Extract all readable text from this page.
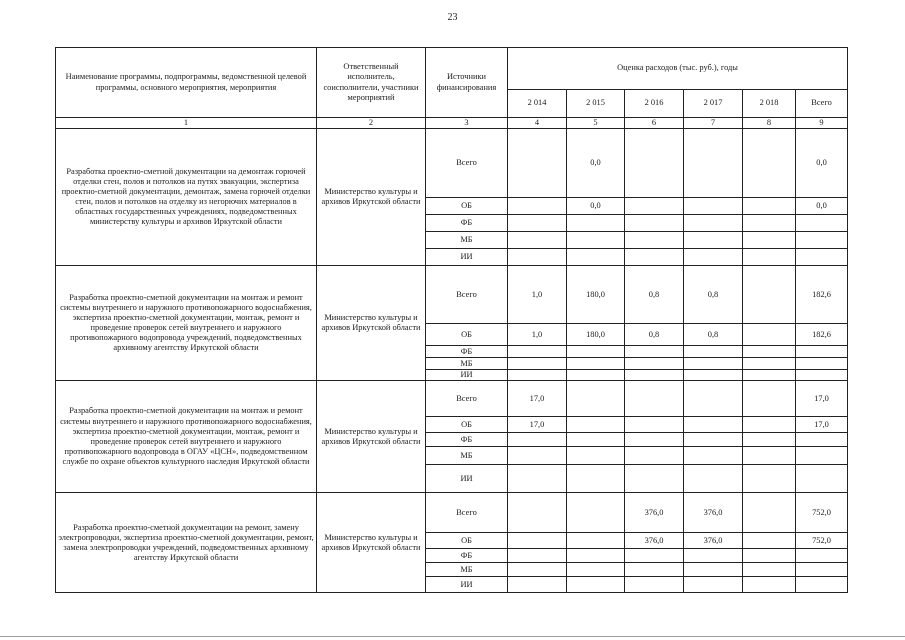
23
Наименование программы, подпрограммы, ведомственной целевой программы, основного мероприятия, мероприятия	Ответственный исполнитель, соисполнители, участники мероприятий	Источники финансирования	Оценка расходов (тыс. руб.), годы					
			2 014	2 015	2 016	2 017	2 018	Всего
1	2	3	4	5	6	7	8	9
Разработка проектно-сметной документации на демонтаж горючей отделки стен, полов и потолков на путях эвакуации, экспертиза проектно-сметной документации, демонтаж, замена горючей отделки стен, полов и потолков на отделку из негорючих материалов в областных государственных учреждениях, подведомственных министерству культуры и архивов Иркутской области	Министерство культуры и архивов Иркутской области	Всего		0,0				0,0
		ОБ		0,0				0,0
		ФБ						
		МБ						
		ИИ						
Разработка проектно-сметной документации на монтаж и ремонт системы внутреннего и наружного противопожарного водоснабжения, экспертиза проектно-сметной документации, монтаж, ремонт и проведение проверок сетей внутреннего и наружного противопожарного водопровода учреждений, подведомственных архивному агентству Иркутской области	Министерство культуры и архивов Иркутской области	Всего	1,0	180,0	0,8	0,8		182,6
		ОБ	1,0	180,0	0,8	0,8		182,6
		ФБ						
		МБ						
		ИИ						
Разработка проектно-сметной документации на монтаж и ремонт системы внутреннего и наружного противопожарного водоснабжения, экспертиза проектно-сметной документации, монтаж, ремонт и проведение проверок сетей внутреннего и наружного противопожарного водопровода в ОГАУ «ЦСН», подведомственном службе по охране объектов культурного наследия Иркутской области	Министерство культуры и архивов Иркутской области	Всего	17,0					17,0
		ОБ	17,0					17,0
		ФБ						
		МБ						
		ИИ						
Разработка проектно-сметной документации на ремонт, замену электропроводки, экспертиза проектно-сметной документации, ремонт, замена электропроводки учреждений, подведомственных архивному агентству Иркутской области	Министерство культуры и архивов Иркутской области	Всего			376,0	376,0		752,0
		ОБ			376,0	376,0		752,0
		ФБ						
		МБ						
		ИИ						
